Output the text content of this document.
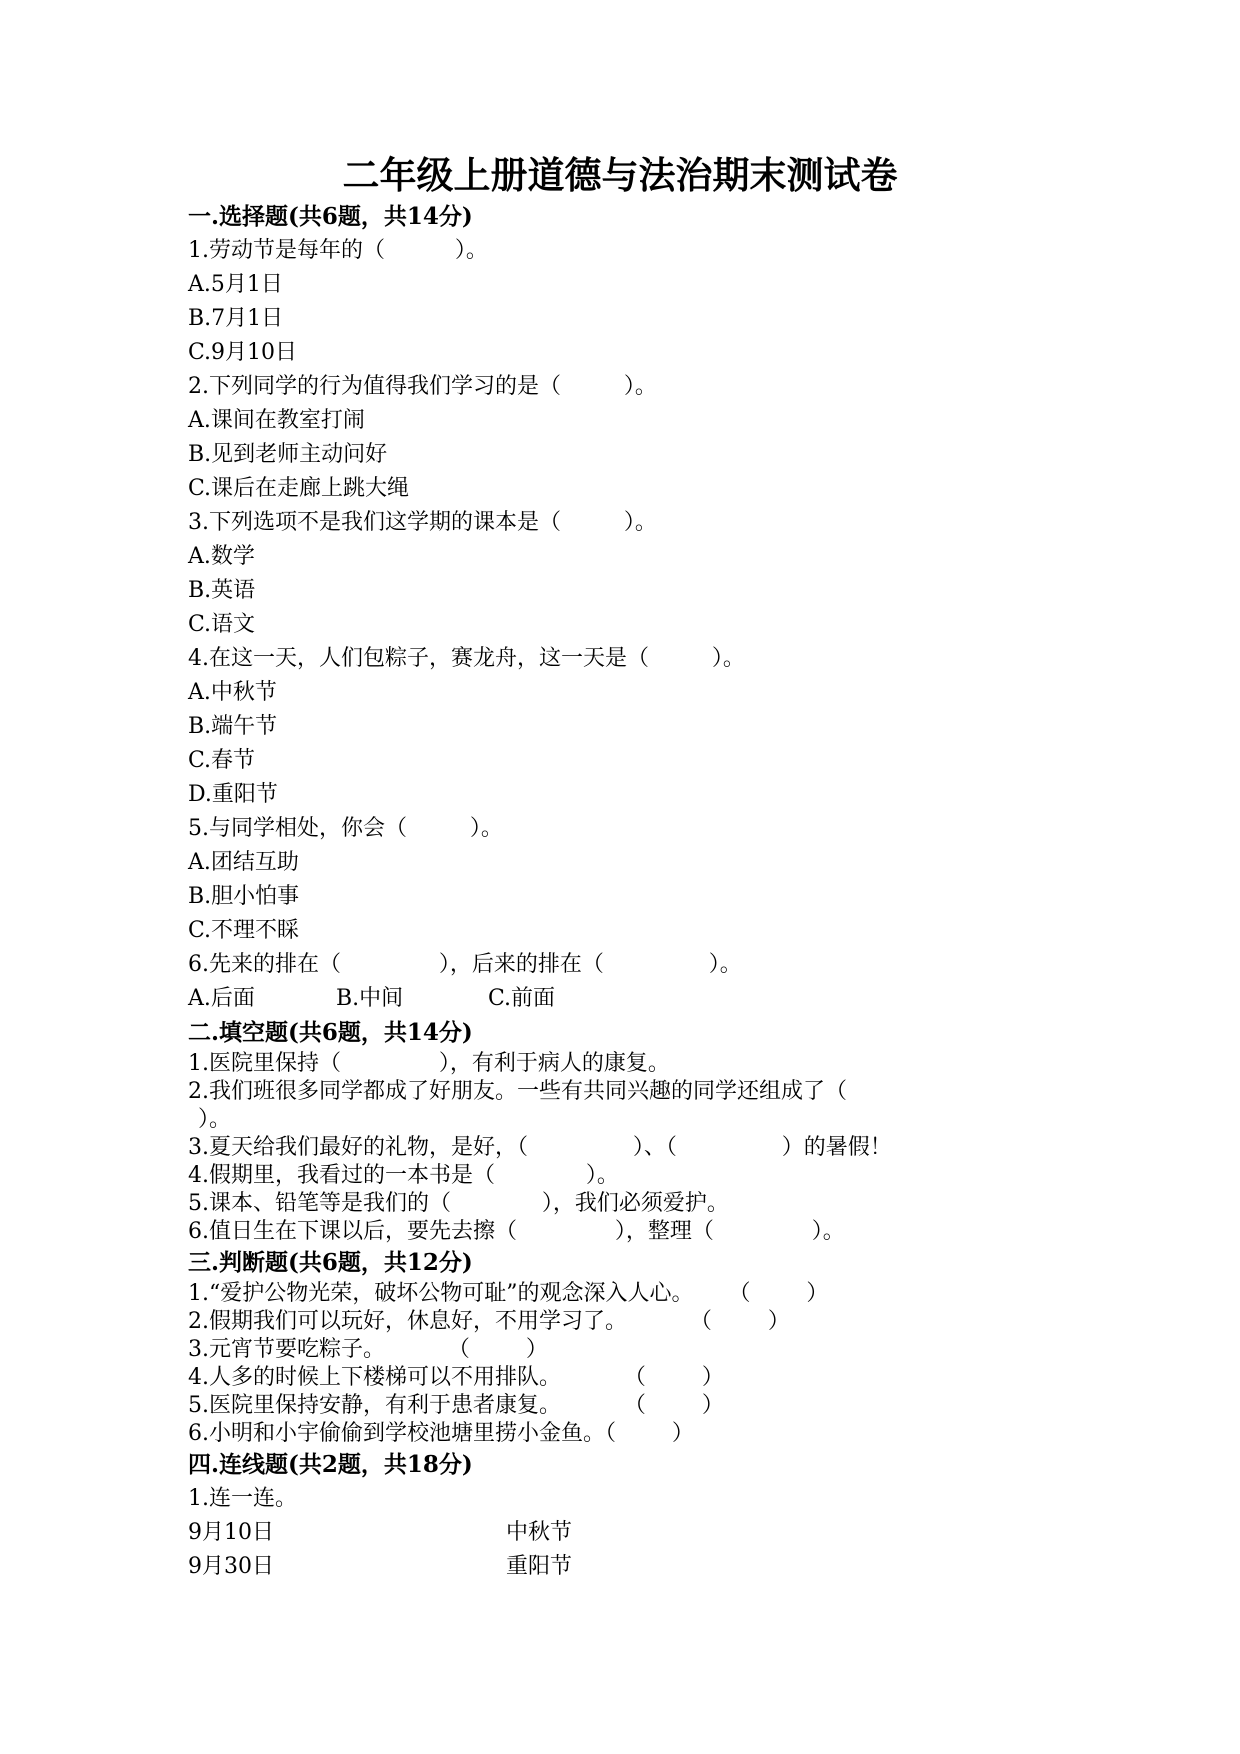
二年级上册道德与法治期末测试卷
一.选择题(共6题，共14分)
1.劳动节是每年的（          ）。
A.5月1日
B.7月1日
C.9月10日
2.下列同学的行为值得我们学习的是（         ）。
A.课间在教室打闹
B.见到老师主动问好
C.课后在走廊上跳大绳
3.下列选项不是我们这学期的课本是（         ）。
A.数学
B.英语
C.语文
4.在这一天，人们包粽子，赛龙舟，这一天是（         ）。
A.中秋节
B.端午节
C.春节
D.重阳节
5.与同学相处，你会（         ）。
A.团结互助
B.胆小怕事
C.不理不睬
6.先来的排在（              ），后来的排在（               ）。
A.后面	B.中间	C.前面
二.填空题(共6题，共14分)
1.医院里保持（              ），有利于病人的康复。
2.我们班很多同学都成了好朋友。一些有共同兴趣的同学还组成了（
）。
3.夏天给我们最好的礼物，是好，（               ）、（               ）的暑假！
4.假期里，我看过的一本书是（             ）。
5.课本、铅笔等是我们的（             ），我们必须爱护。
6.值日生在下课以后，要先去擦（              ），整理（              ）。
三.判断题(共6题，共12分)
1.“爱护公物光荣，破坏公物可耻”的观念深入人心。     （        ）
2.假期我们可以玩好，休息好，不用学习了。         （        ）
3.元宵节要吃粽子。         （        ）
4.人多的时候上下楼梯可以不用排队。         （        ）
5.医院里保持安静，有利于患者康复。         （        ）
6.小明和小宇偷偷到学校池塘里捞小金鱼。（        ）
四.连线题(共2题，共18分)
1.连一连。
9月10日	中秋节
9月30日	重阳节
